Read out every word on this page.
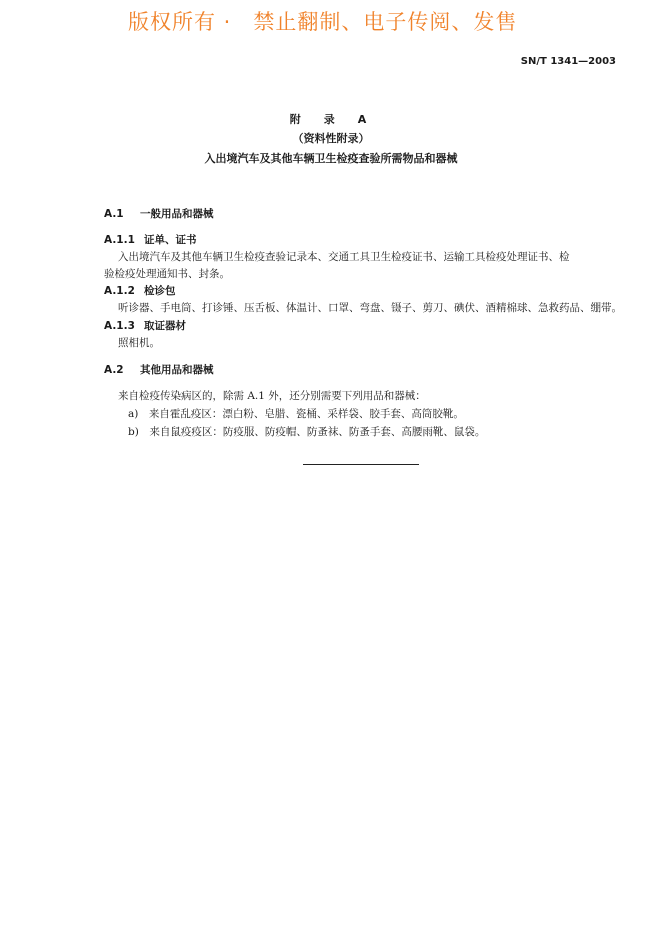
版权所有 ·　禁止翻制、电子传阅、发售
SN/T 1341—2003
附　录　A
（资料性附录）
入出境汽车及其他车辆卫生检疫查验所需物品和器械
A.1 一般用品和器械
A.1.1 证单、证书
入出境汽车及其他车辆卫生检疫查验记录本、交通工具卫生检疫证书、运输工具检疫处理证书、检
验检疫处理通知书、封条。
A.1.2 检诊包
听诊器、手电筒、打诊锤、压舌板、体温计、口罩、弯盘、镊子、剪刀、碘伏、酒精棉球、急救药品、绷带。
A.1.3 取证器材
照相机。
A.2 其他用品和器械
来自检疫传染病区的，除需 A.1 外，还分别需要下列用品和器械：
a)　来自霍乱疫区：漂白粉、皂腊、瓷桶、采样袋、胶手套、高筒胶靴。
b)　来自鼠疫疫区：防疫服、防疫帽、防蚤袜、防蚤手套、高腰雨靴、鼠袋。
